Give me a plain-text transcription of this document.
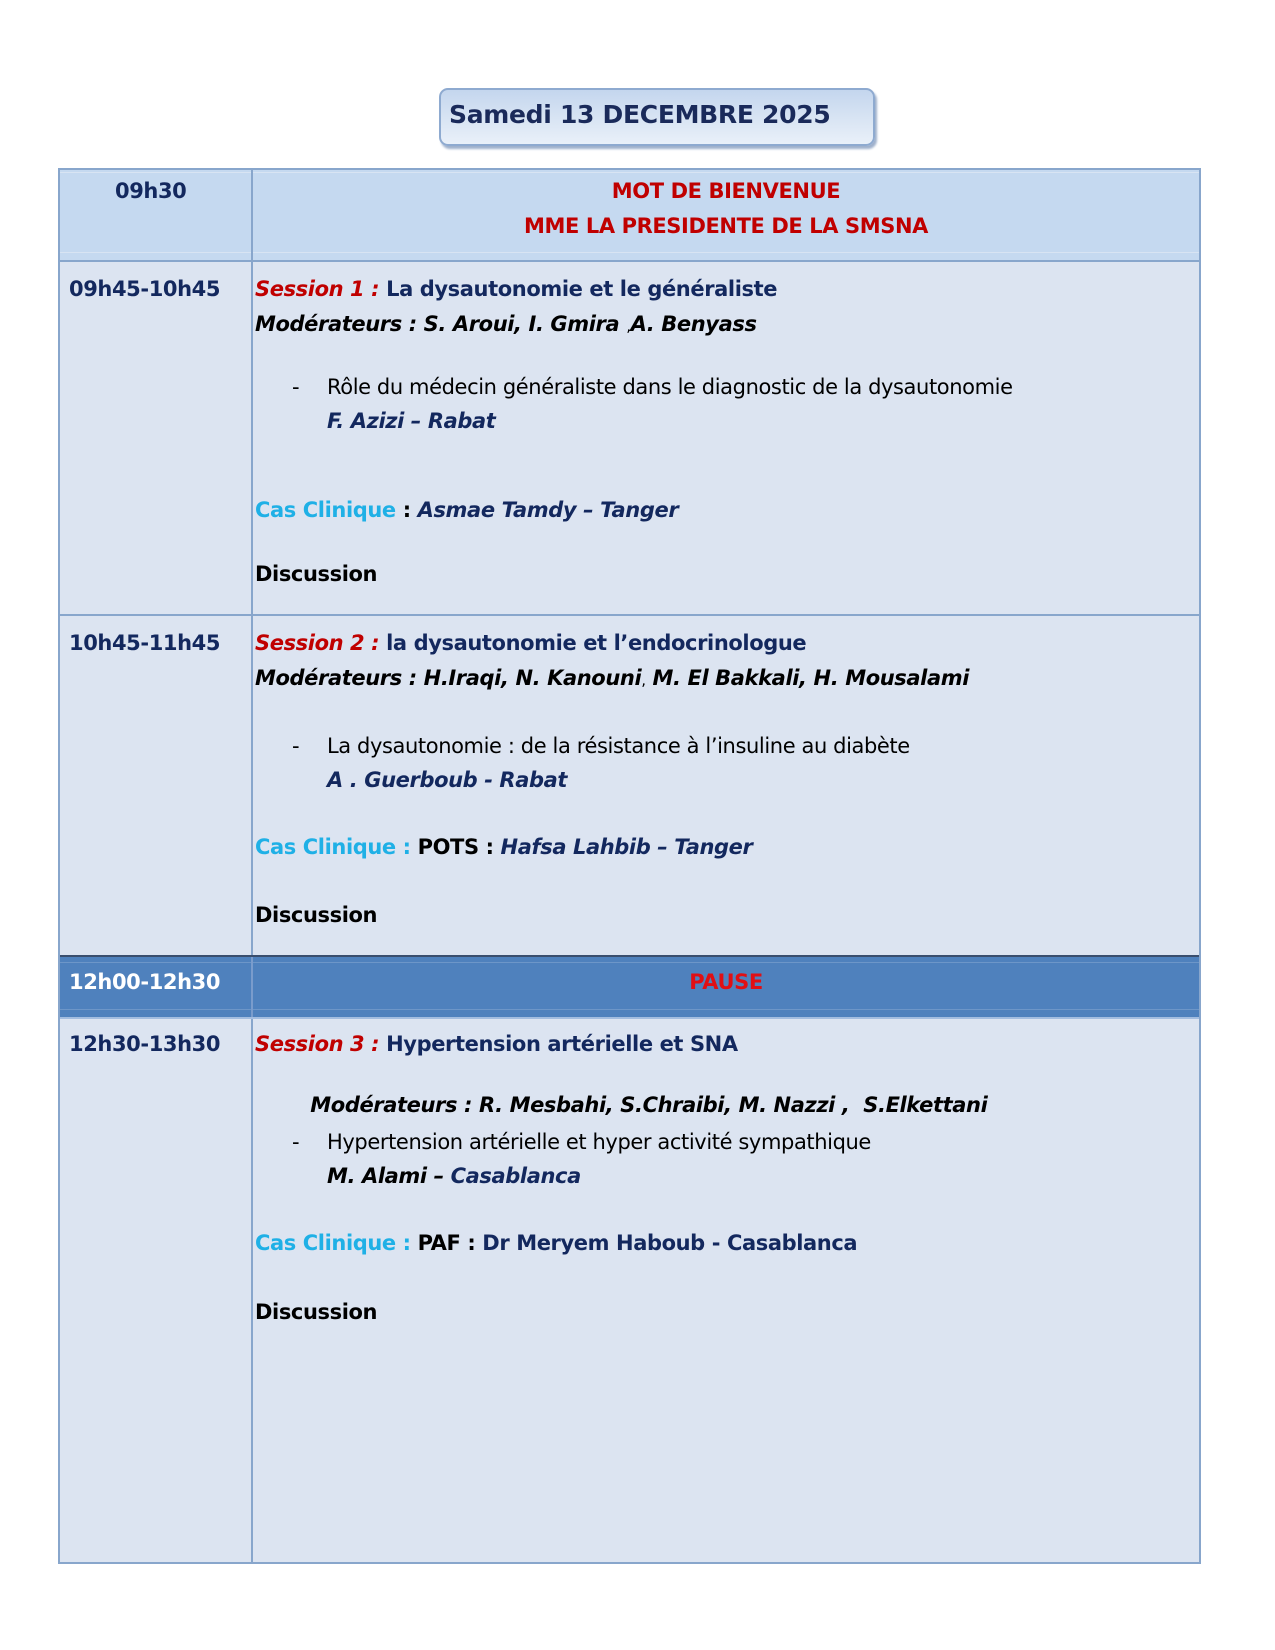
Samedi 13 DECEMBRE 2025
09h30	MOT DE BIENVENUE
MME LA PRESIDENTE DE LA SMSNA
09h45-10h45 Session 1 : La dysautonomie et le généraliste
Modérateurs : S. Aroui, I. Gmira ,A. Benyass
- Rôle du médecin généraliste dans le diagnostic de la dysautonomie
F. Azizi – Rabat
Cas Clinique : Asmae Tamdy – Tanger
Discussion
10h45-11h45 Session 2 : la dysautonomie et l’endocrinologue
Modérateurs : H.Iraqi, N. Kanouni, M. El Bakkali, H. Mousalami
- La dysautonomie : de la résistance à l’insuline au diabète
A . Guerboub - Rabat
Cas Clinique : POTS : Hafsa Lahbib – Tanger
Discussion
12h00-12h30	PAUSE
12h30-13h30 Session 3 : Hypertension artérielle et SNA

Modérateurs : R. Mesbahi, S.Chraibi, M. Nazzi ,  S.Elkettani

- Hypertension artérielle et hyper activité sympathique
M. Alami – Casablanca
Cas Clinique : PAF : Dr Meryem Haboub - Casablanca
Discussion
